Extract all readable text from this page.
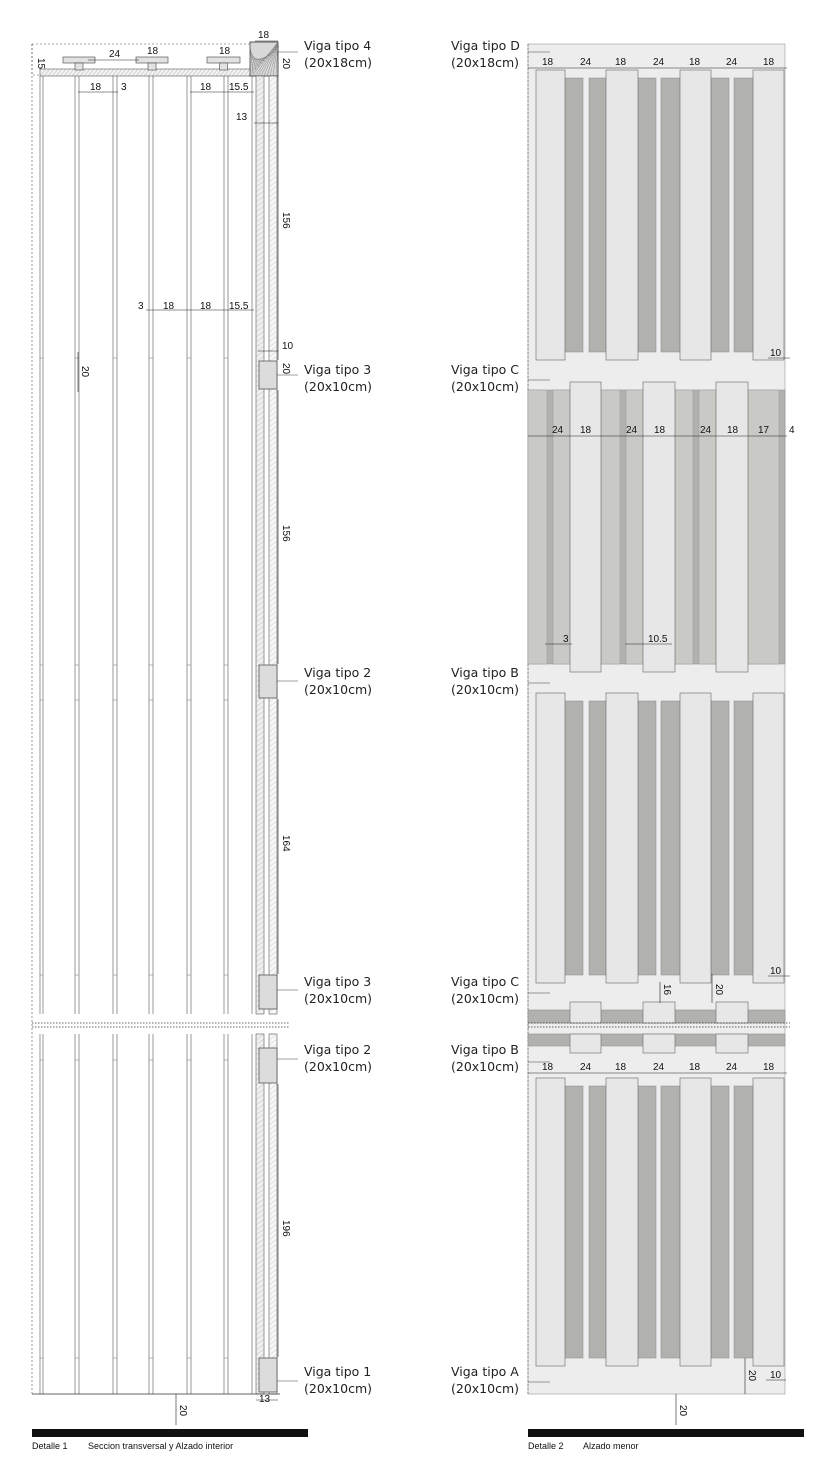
18
15
24	18	18
20
18 3	18 15.5
13
156
3 18	18 15.5
10
20
20
156
164
196
13
20
Viga tipo 4
(20x18cm)
Viga tipo 3
(20x10cm)
Viga tipo 2
(20x10cm)
Viga tipo 3
(20x10cm)
Viga tipo 2
(20x10cm)
Viga tipo 1
(20x10cm)
Detalle 1 Seccion transversal y Alzado interior
18	24 18	24 18	24	18
24 18	24 18	24 18 17 4
18	24 18	24 18	24	18
10
3	10.5
16	20
10
20 10
20
Viga tipo D
(20x18cm)
Viga tipo C
(20x10cm)
Viga tipo B
(20x10cm)
Viga tipo C
(20x10cm)
Viga tipo B
(20x10cm)
Viga tipo A
(20x10cm)
Detalle 2 Alzado menor
